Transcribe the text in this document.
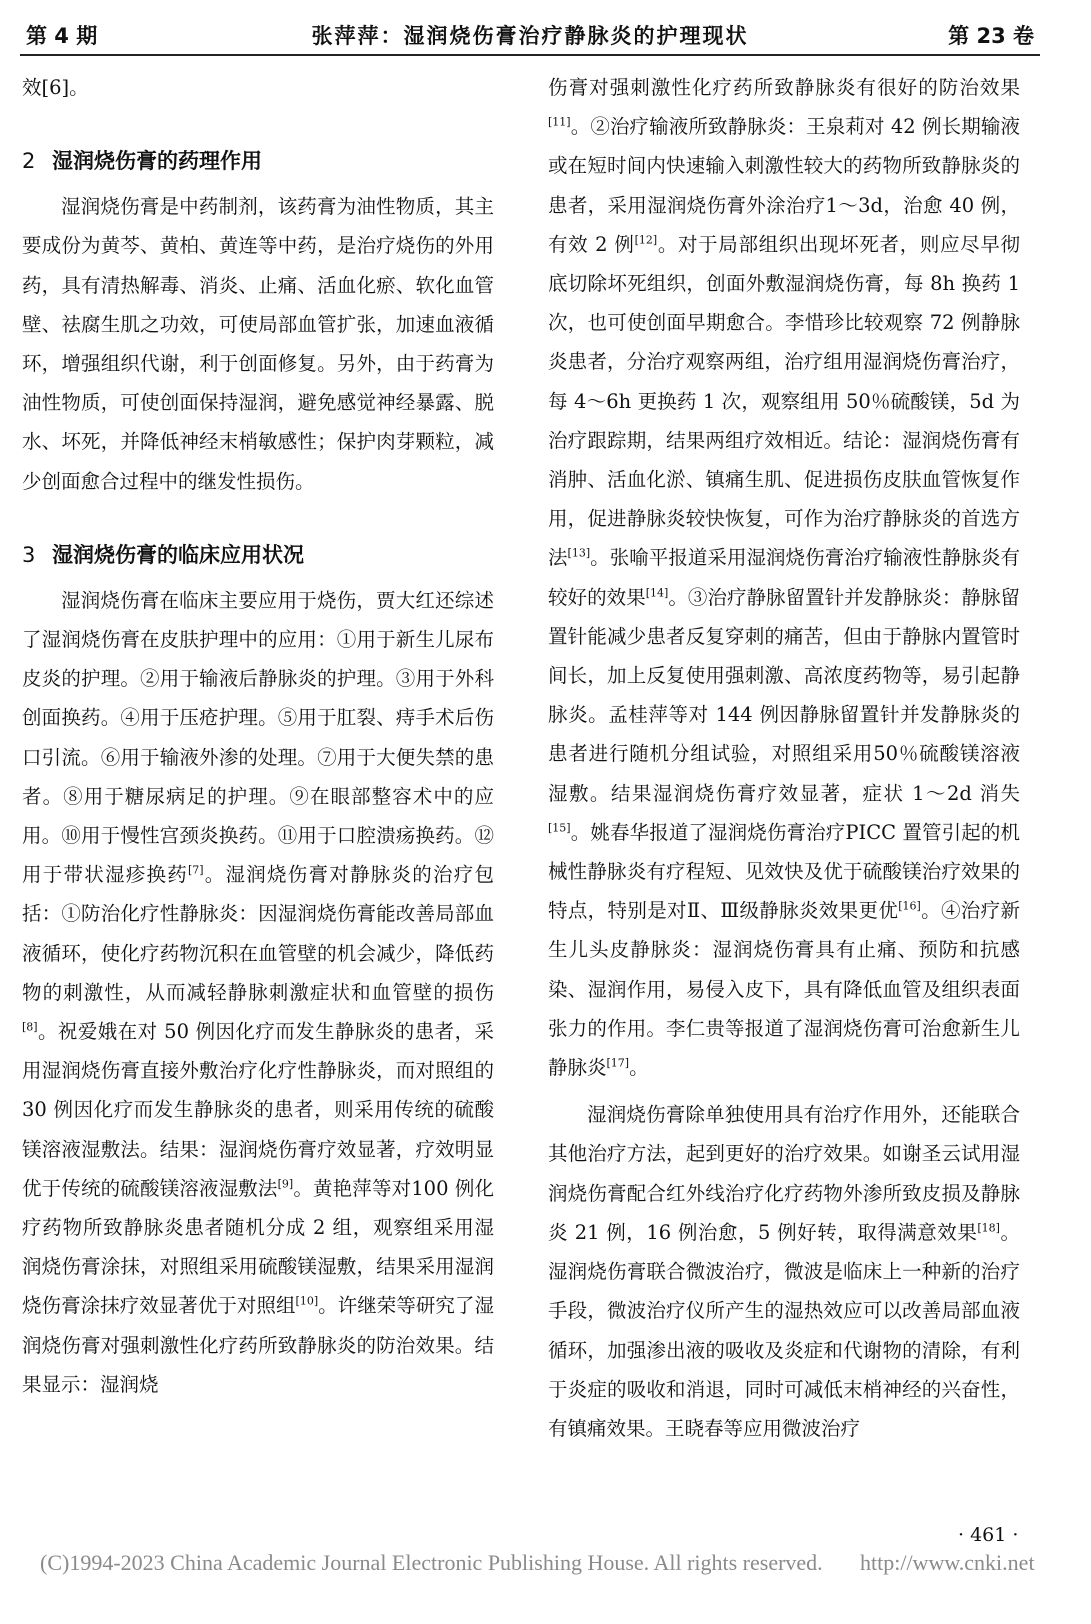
第 4 期	张萍萍：湿润烧伤膏治疗静脉炎的护理现状	第 23 卷

效[6]。

2 湿润烧伤膏的药理作用

湿润烧伤膏是中药制剂，该药膏为油性物质，其主要成份为黄芩、黄柏、黄连等中药，是治疗烧伤的外用药，具有清热解毒、消炎、止痛、活血化瘀、软化血管壁、祛腐生肌之功效，可使局部血管扩张，加速血液循环，增强组织代谢，利于创面修复。另外，由于药膏为油性物质，可使创面保持湿润，避免感觉神经暴露、脱水、坏死，并降低神经末梢敏感性；保护肉芽颗粒，减少创面愈合过程中的继发性损伤。

3 湿润烧伤膏的临床应用状况

湿润烧伤膏在临床主要应用于烧伤，贾大红还综述了湿润烧伤膏在皮肤护理中的应用：①用于新生儿尿布皮炎的护理。②用于输液后静脉炎的护理。③用于外科创面换药。④用于压疮护理。⑤用于肛裂、痔手术后伤口引流。⑥用于输液外渗的处理。⑦用于大便失禁的患者。⑧用于糖尿病足的护理。⑨在眼部整容术中的应用。⑩用于慢性宫颈炎换药。⑪用于口腔溃疡换药。⑫用于带状湿疹换药[7]。湿润烧伤膏对静脉炎的治疗包括：①防治化疗性静脉炎：因湿润烧伤膏能改善局部血液循环，使化疗药物沉积在血管壁的机会减少，降低药物的刺激性，从而减轻静脉刺激症状和血管壁的损伤[8]。祝爱娥在对 50 例因化疗而发生静脉炎的患者，采用湿润烧伤膏直接外敷治疗化疗性静脉炎，而对照组的 30 例因化疗而发生静脉炎的患者，则采用传统的硫酸镁溶液湿敷法。结果：湿润烧伤膏疗效显著，疗效明显优于传统的硫酸镁溶液湿敷法[9]。黄艳萍等对100 例化疗药物所致静脉炎患者随机分成 2 组，观察组采用湿润烧伤膏涂抹，对照组采用硫酸镁湿敷，结果采用湿润烧伤膏涂抹疗效显著优于对照组[10]。许继荣等研究了湿润烧伤膏对强刺激性化疗药所致静脉炎的防治效果。结果显示：湿润烧

伤膏对强刺激性化疗药所致静脉炎有很好的防治效果[11]。②治疗输液所致静脉炎：王泉莉对 42 例长期输液或在短时间内快速输入刺激性较大的药物所致静脉炎的患者，采用湿润烧伤膏外涂治疗1～3d，治愈 40 例，有效 2 例[12]。对于局部组织出现坏死者，则应尽早彻底切除坏死组织，创面外敷湿润烧伤膏，每 8h 换药 1 次，也可使创面早期愈合。李惜珍比较观察 72 例静脉炎患者，分治疗观察两组，治疗组用湿润烧伤膏治疗，每 4～6h 更换药 1 次，观察组用 50％硫酸镁，5d 为治疗跟踪期，结果两组疗效相近。结论：湿润烧伤膏有消肿、活血化淤、镇痛生肌、促进损伤皮肤血管恢复作用，促进静脉炎较快恢复，可作为治疗静脉炎的首选方法[13]。张喻平报道采用湿润烧伤膏治疗输液性静脉炎有较好的效果[14]。③治疗静脉留置针并发静脉炎：静脉留置针能减少患者反复穿刺的痛苦，但由于静脉内置管时间长，加上反复使用强刺激、高浓度药物等，易引起静脉炎。孟桂萍等对 144 例因静脉留置针并发静脉炎的患者进行随机分组试验，对照组采用50％硫酸镁溶液湿敷。结果湿润烧伤膏疗效显著，症状 1～2d 消失[15]。姚春华报道了湿润烧伤膏治疗PICC 置管引起的机械性静脉炎有疗程短、见效快及优于硫酸镁治疗效果的特点，特别是对Ⅱ、Ⅲ级静脉炎效果更优[16]。④治疗新生儿头皮静脉炎：湿润烧伤膏具有止痛、预防和抗感染、湿润作用，易侵入皮下，具有降低血管及组织表面张力的作用。李仁贵等报道了湿润烧伤膏可治愈新生儿静脉炎[17]。

湿润烧伤膏除单独使用具有治疗作用外，还能联合其他治疗方法，起到更好的治疗效果。如谢圣云试用湿润烧伤膏配合红外线治疗化疗药物外渗所致皮损及静脉炎 21 例，16 例治愈，5 例好转，取得满意效果[18]。湿润烧伤膏联合微波治疗，微波是临床上一种新的治疗手段，微波治疗仪所产生的湿热效应可以改善局部血液循环，加强渗出液的吸收及炎症和代谢物的清除，有利于炎症的吸收和消退，同时可减低末梢神经的兴奋性，有镇痛效果。王晓春等应用微波治疗

· 461 ·
(C)1994-2023 China Academic Journal Electronic Publishing House. All rights reserved. http://www.cnki.net
